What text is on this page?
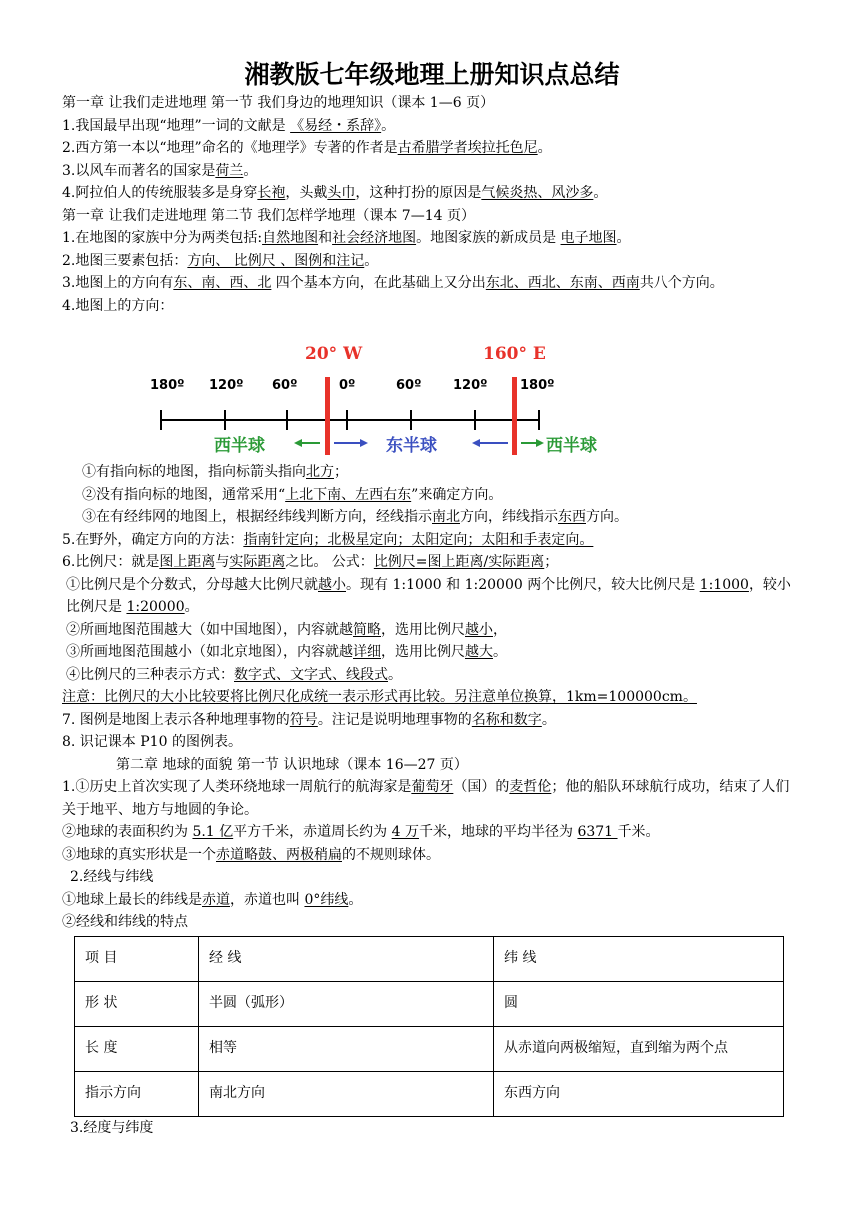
湘教版七年级地理上册知识点总结
第一章 让我们走进地理 第一节 我们身边的地理知识（课本 1—6 页）
1.我国最早出现“地理”一词的文献是 《易经・系辞》。
2.西方第一本以“地理”命名的《地理学》专著的作者是古希腊学者埃拉托色尼。
3.以风车而著名的国家是荷兰。
4.阿拉伯人的传统服装多是身穿长袍，头戴头巾，这种打扮的原因是气候炎热、风沙多。
第一章 让我们走进地理 第二节 我们怎样学地理（课本 7—14 页）
1.在地图的家族中分为两类包括:自然地图和社会经济地图。地图家族的新成员是 电子地图。
2.地图三要素包括：方向、 比例尺 、图例和注记。
3.地图上的方向有东、南、西、北 四个基本方向，在此基础上又分出东北、西北、东南、西南共八个方向。
4.地图上的方向：
20° W	160° E
180º 120º 60º	0º	60º 120º	180º
西半球	东半球	西半球
①有指向标的地图，指向标箭头指向北方；
②没有指向标的地图，通常采用“上北下南、左西右东”来确定方向。
③在有经纬网的地图上，根据经纬线判断方向，经线指示南北方向，纬线指示东西方向。
5.在野外，确定方向的方法：指南针定向；北极星定向；太阳定向；太阳和手表定向。
6.比例尺：就是图上距离与实际距离之比。 公式：比例尺=图上距离/实际距离；
①比例尺是个分数式，分母越大比例尺就越小。现有 1:1000 和 1:20000 两个比例尺，较大比例尺是 1:1000，较小比例尺是 1:20000。
②所画地图范围越大（如中国地图），内容就越简略，选用比例尺越小，
③所画地图范围越小（如北京地图），内容就越详细，选用比例尺越大。
④比例尺的三种表示方式：数字式、文字式、线段式。
注意：比例尺的大小比较要将比例尺化成统一表示形式再比较。另注意单位换算，1km=100000cm。
7. 图例是地图上表示各种地理事物的符号。注记是说明地理事物的名称和数字。
8. 识记课本 P10 的图例表。
第二章 地球的面貌 第一节 认识地球（课本 16—27 页）
1.①历史上首次实现了人类环绕地球一周航行的航海家是葡萄牙（国）的麦哲伦；他的船队环球航行成功，结束了人们关于地平、地方与地圆的争论。
②地球的表面积约为 5.1 亿平方千米，赤道周长约为 4 万千米，地球的平均半径为 6371 千米。
③地球的真实形状是一个赤道略鼓、两极稍扁的不规则球体。
2.经线与纬线
①地球上最长的纬线是赤道，赤道也叫 0°纬线。
②经线和纬线的特点
项 目	经 线	纬 线
形 状	半圆（弧形）	圆
长 度	相等	从赤道向两极缩短，直到缩为两个点
指示方向	南北方向	东西方向
3.经度与纬度
